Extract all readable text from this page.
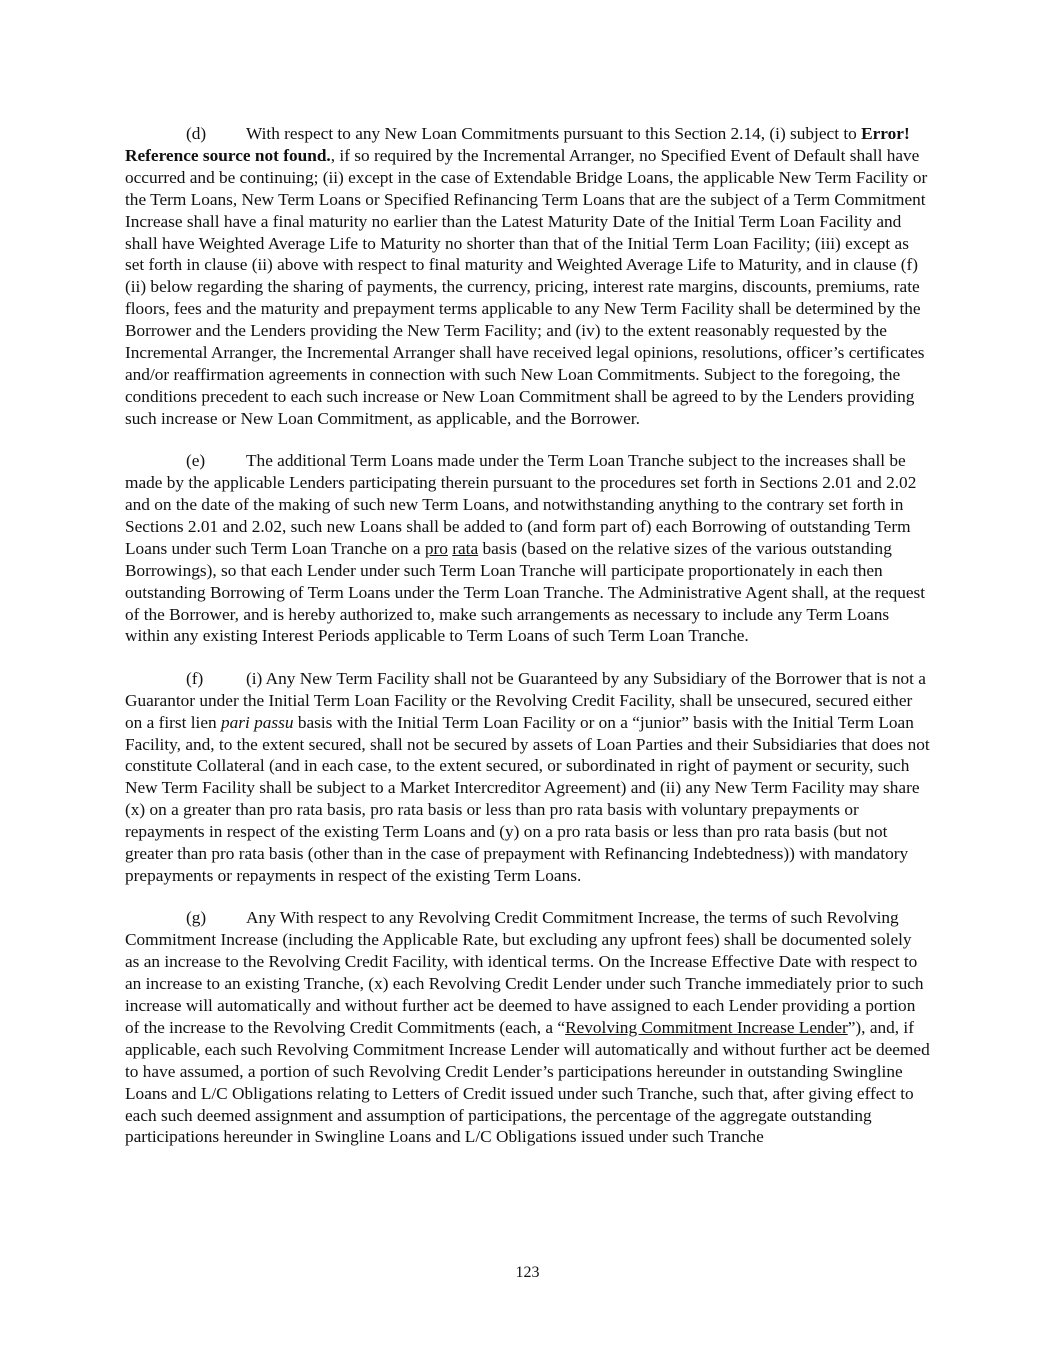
(d) With respect to any New Loan Commitments pursuant to this Section 2.14, (i) subject to Error! Reference source not found., if so required by the Incremental Arranger, no Specified Event of Default shall have occurred and be continuing; (ii) except in the case of Extendable Bridge Loans, the applicable New Term Facility or the Term Loans, New Term Loans or Specified Refinancing Term Loans that are the subject of a Term Commitment Increase shall have a final maturity no earlier than the Latest Maturity Date of the Initial Term Loan Facility and shall have Weighted Average Life to Maturity no shorter than that of the Initial Term Loan Facility; (iii) except as set forth in clause (ii) above with respect to final maturity and Weighted Average Life to Maturity, and in clause (f)(ii) below regarding the sharing of payments, the currency, pricing, interest rate margins, discounts, premiums, rate floors, fees and the maturity and prepayment terms applicable to any New Term Facility shall be determined by the Borrower and the Lenders providing the New Term Facility; and (iv) to the extent reasonably requested by the Incremental Arranger, the Incremental Arranger shall have received legal opinions, resolutions, officer’s certificates and/or reaffirmation agreements in connection with such New Loan Commitments. Subject to the foregoing, the conditions precedent to each such increase or New Loan Commitment shall be agreed to by the Lenders providing such increase or New Loan Commitment, as applicable, and the Borrower.

(e) The additional Term Loans made under the Term Loan Tranche subject to the increases shall be made by the applicable Lenders participating therein pursuant to the procedures set forth in Sections 2.01 and 2.02 and on the date of the making of such new Term Loans, and notwithstanding anything to the contrary set forth in Sections 2.01 and 2.02, such new Loans shall be added to (and form part of) each Borrowing of outstanding Term Loans under such Term Loan Tranche on a pro rata basis (based on the relative sizes of the various outstanding Borrowings), so that each Lender under such Term Loan Tranche will participate proportionately in each then outstanding Borrowing of Term Loans under the Term Loan Tranche. The Administrative Agent shall, at the request of the Borrower, and is hereby authorized to, make such arrangements as necessary to include any Term Loans within any existing Interest Periods applicable to Term Loans of such Term Loan Tranche.

(f) (i) Any New Term Facility shall not be Guaranteed by any Subsidiary of the Borrower that is not a Guarantor under the Initial Term Loan Facility or the Revolving Credit Facility, shall be unsecured, secured either on a first lien pari passu basis with the Initial Term Loan Facility or on a “junior” basis with the Initial Term Loan Facility, and, to the extent secured, shall not be secured by assets of Loan Parties and their Subsidiaries that does not constitute Collateral (and in each case, to the extent secured, or subordinated in right of payment or security, such New Term Facility shall be subject to a Market Intercreditor Agreement) and (ii) any New Term Facility may share (x) on a greater than pro rata basis, pro rata basis or less than pro rata basis with voluntary prepayments or repayments in respect of the existing Term Loans and (y) on a pro rata basis or less than pro rata basis (but not greater than pro rata basis (other than in the case of prepayment with Refinancing Indebtedness)) with mandatory prepayments or repayments in respect of the existing Term Loans.

(g) Any With respect to any Revolving Credit Commitment Increase, the terms of such Revolving Commitment Increase (including the Applicable Rate, but excluding any upfront fees) shall be documented solely as an increase to the Revolving Credit Facility, with identical terms. On the Increase Effective Date with respect to an increase to an existing Tranche, (x) each Revolving Credit Lender under such Tranche immediately prior to such increase will automatically and without further act be deemed to have assigned to each Lender providing a portion of the increase to the Revolving Credit Commitments (each, a “Revolving Commitment Increase Lender”), and, if applicable, each such Revolving Commitment Increase Lender will automatically and without further act be deemed to have assumed, a portion of such Revolving Credit Lender’s participations hereunder in outstanding Swingline Loans and L/C Obligations relating to Letters of Credit issued under such Tranche, such that, after giving effect to each such deemed assignment and assumption of participations, the percentage of the aggregate outstanding participations hereunder in Swingline Loans and L/C Obligations issued under such Tranche

123
